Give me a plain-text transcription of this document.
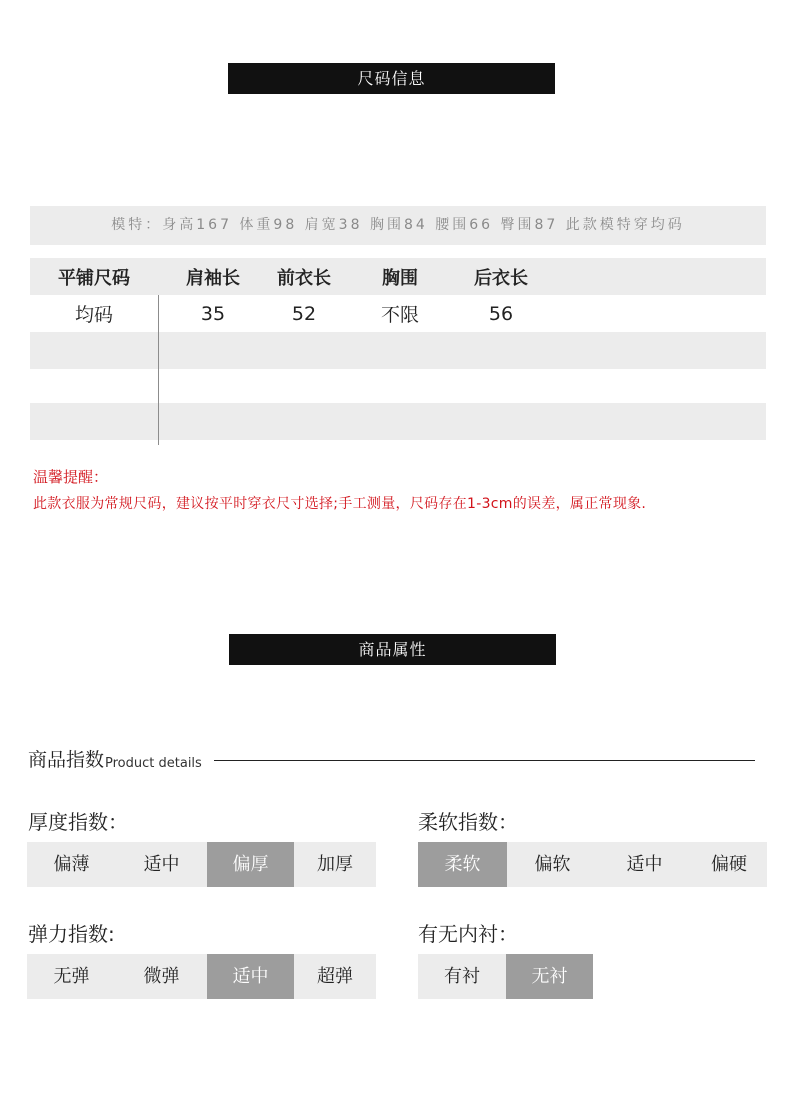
尺码信息
模特：身高167 体重98 肩宽38 胸围84 腰围66 臀围87 此款模特穿均码
平铺尺码	肩袖长 前衣长	胸围	后衣长
均码	35	52	不限	56
温馨提醒：
此款衣服为常规尺码，建议按平时穿衣尺寸选择;手工测量，尺码存在1-3cm的误差，属正常现象.
商品属性
商品指数 Product details
厚度指数：
偏薄	适中	偏厚	加厚
柔软指数：
柔软	偏软	适中	偏硬
弹力指数:
无弹	微弹	适中	超弹
有无内衬：
有衬	无衬
